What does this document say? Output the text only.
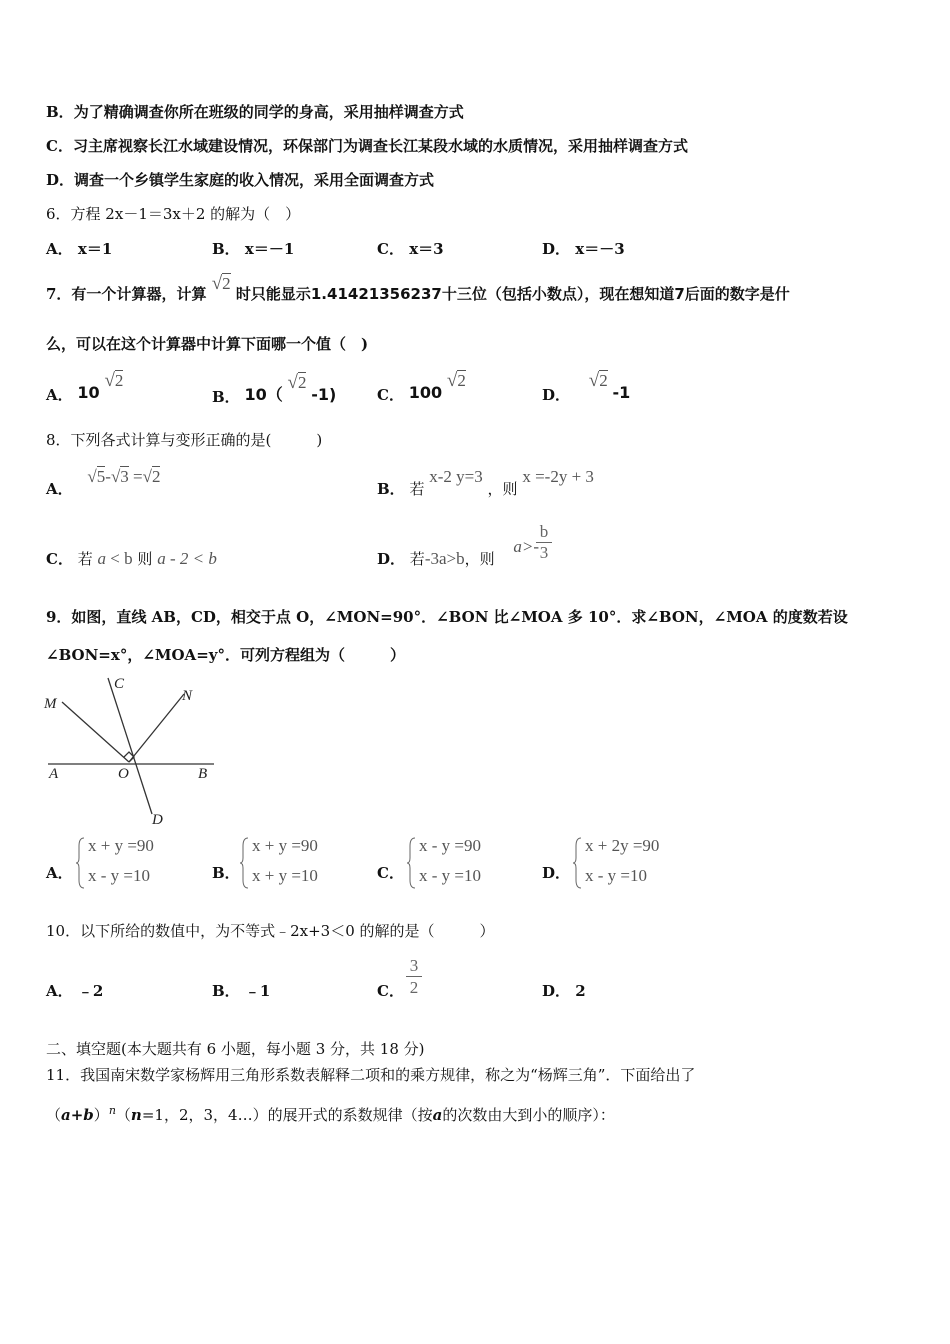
B．为了精确调查你所在班级的同学的身高，采用抽样调查方式
C．习主席视察长江水域建设情况，环保部门为调查长江某段水域的水质情况，采用抽样调查方式
D．调查一个乡镇学生家庭的收入情况，采用全面调查方式
6．方程 2x－1＝3x＋2 的解为（　）
A． x＝1	B． x＝－1	C． x＝3	D． x＝－3
7．有一个计算器，计算 √2 时只能显示1.41421356237十三位（包括小数点），现在想知道7后面的数字是什
么，可以在这个计算器中计算下面哪一个值（　)
A． 10 √2
B． 10（ √2 -1)	C． 100 √2
D． √2 -1
8．下列各式计算与变形正确的是(　　　)
A． √5-√3 =√2
B． 若 x-2 y=3 ，则 x =-2y + 3
C． 若 a < b 则 a - 2 < b	D． 若-3a>b，则 a>-
$\frac{b}{3}$
9．如图，直线 AB，CD，相交于点 O，∠MON=90°．∠BON 比∠MOA 多 10°．求∠BON，∠MOA 的度数若设
∠BON=x°，∠MOA=y°．可列方程组为（　　　）
M
C
N
A	O	B
D
A．
x + y =90
x - y =10	B．
x + y =90
x + y =10	C．
x - y =90
x - y =10	D．
x + 2y =90
x - y =10
10．以下所给的数值中，为不等式﹣2x+3＜0 的解的是（　　　）
A． ﹣2	B． ﹣1	C． $\frac{3}{2}$	D． 2
二、填空题(本大题共有 6 小题，每小题 3 分，共 18 分)
11．我国南宋数学家杨辉用三角形系数表解释二项和的乘方规律，称之为“杨辉三角”．下面给出了
$(a+b)^n(n=1$，2，3，4…）的展开式的系数规律（按a的次数由大到小的顺序）：
